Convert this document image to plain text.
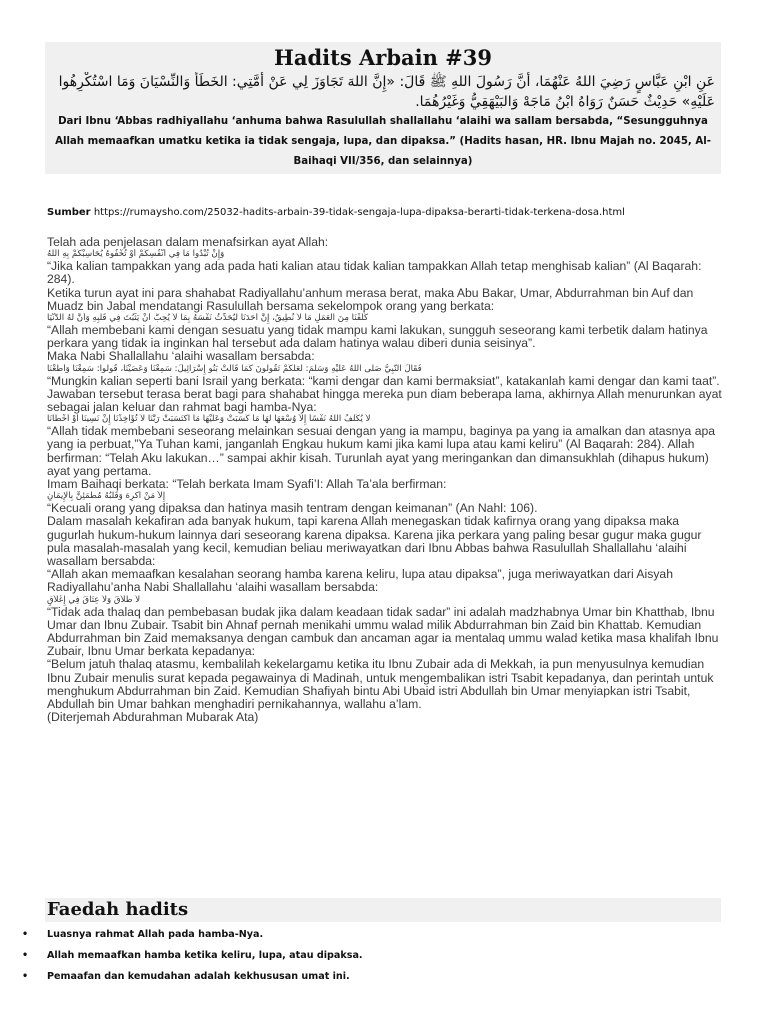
Hadits Arbain #39
عَنِ ابْنِ عَبَّاسٍ رَضِيَ اللهُ عَنْهُمَا، أَنَّ رَسُولَ اللهِ ﷺ قَالَ: «إِنَّ اللهَ تَجَاوَزَ لِي عَنْ أُمَّتِي: الخَطَأَ وَالنِّسْيَانَ وَمَا اسْتُكْرِهُوا عَلَيْهِ» حَدِيْثٌ حَسَنٌ رَوَاهُ ابْنُ مَاجَهْ وَالبَيْهَقِيُّ وَغَيْرُهُمَا.
Dari Ibnu ‘Abbas radhiyallahu ‘anhuma bahwa Rasulullah shallallahu ‘alaihi wa sallam bersabda, “Sesungguhnya Allah memaafkan umatku ketika ia tidak sengaja, lupa, dan dipaksa.” (Hadits hasan, HR. Ibnu Majah no. 2045, Al-Baihaqi VII/356, dan selainnya)
Sumber https://rumaysho.com/25032-hadits-arbain-39-tidak-sengaja-lupa-dipaksa-berarti-tidak-terkena-dosa.html

Telah ada penjelasan dalam menafsirkan ayat Allah:

وَإِنْ تُبْدُوا مَا فِي أَنْفُسِكُمْ أَوْ تُخْفُوهُ يُحَاسِبْكُمْ بِهِ اللَّهُ

“Jika kalian tampakkan yang ada pada hati kalian atau tidak kalian tampakkan Allah tetap menghisab kalian” (Al Baqarah: 284).

Ketika turun ayat ini para shahabat Radiyallahu’anhum merasa berat, maka Abu Bakar, Umar, Abdurrahman bin Auf dan Muadz bin Jabal mendatangi Rasulullah bersama sekelompok orang yang berkata:

كُلِّفْنَا مِنَ الْعَمَلِ مَا لاَ نُطِيقُ، إِنَّ أَحَدَنَا لَيُحَدِّثُ نَفْسَهُ بِمَا لاَ يُحِبُّ أَنْ يَثْبُتَ فِي قَلْبِهِ وَأَنَّ لَهُ الدُّنْيَا

“Allah membebani kami dengan sesuatu yang tidak mampu kami lakukan, sungguh seseorang kami terbetik dalam hatinya perkara yang tidak ia inginkan hal tersebut ada dalam hatinya walau diberi dunia seisinya”.

Maka Nabi Shallallahu ‘alaihi wasallam bersabda:

فَقَالَ النَّبِيُّ صَلَّى اللَّهُ عَلَيْهِ وَسَلَّمَ: لَعَلَّكُمْ تَقُولُونَ كَمَا قَالَتْ بَنُو إِسْرَائِيلَ: سَمِعْنَا وَعَصَيْنَا، قُولُوا: سَمِعْنَا وَأَطَعْنَا

“Mungkin kalian seperti bani Israil yang berkata: “kami dengar dan kami bermaksiat”, katakanlah kami dengar dan kami taat”.

Jawaban tersebut terasa berat bagi para shahabat hingga mereka pun diam beberapa lama, akhirnya Allah menurunkan ayat sebagai jalan keluar dan rahmat bagi hamba-Nya:

لاَ يُكَلِّفُ اللَّهُ نَفْسًا إِلاَّ وُسْعَهَا لَهَا مَا كَسَبَتْ وَعَلَيْهَا مَا اكْتَسَبَتْ رَبَّنَا لاَ تُؤَاخِذْنَا إِنْ نَسِينَا أَوْ أَخْطَأْنَا

“Allah tidak membebani seseorang melainkan sesuai dengan yang ia mampu, baginya pa yang ia amalkan dan atasnya apa yang ia perbuat,”Ya Tuhan kami, janganlah Engkau hukum kami jika kami lupa atau kami keliru” (Al Baqarah: 284). Allah berfirman: “Telah Aku lakukan…” sampai akhir kisah. Turunlah ayat yang meringankan dan dimansukhlah (dihapus hukum) ayat yang pertama.

Imam Baihaqi berkata: “Telah berkata Imam Syafi’I: Allah Ta’ala berfirman:

إِلاَّ مَنْ أُكْرِهَ وَقَلْبُهُ مُطْمَئِنٌّ بِالإِيمَانِ

“Kecuali orang yang dipaksa dan hatinya masih tentram dengan keimanan” (An Nahl: 106).

Dalam masalah kekafiran ada banyak hukum, tapi karena Allah menegaskan tidak kafirnya orang yang dipaksa maka gugurlah hukum-hukum lainnya dari seseorang karena dipaksa. Karena jika perkara yang paling besar gugur maka gugur pula masalah-masalah yang kecil, kemudian beliau meriwayatkan dari Ibnu Abbas bahwa Rasulullah Shallallahu ‘alaihi wasallam bersabda:

“Allah akan memaafkan kesalahan seorang hamba karena keliru, lupa atau dipaksa”, juga meriwayatkan dari Aisyah Radiyallahu’anha Nabi Shallallahu ‘alaihi wasallam bersabda:

لاَ طَلاَقَ وَلاَ عِتَاقَ فِي إِغْلاَقٍ

“Tidak ada thalaq dan pembebasan budak jika dalam keadaan tidak sadar” ini adalah madzhabnya Umar bin Khatthab, Ibnu Umar dan Ibnu Zubair. Tsabit bin Ahnaf pernah menikahi ummu walad milik Abdurrahman bin Zaid bin Khattab. Kemudian Abdurrahman bin Zaid memaksanya dengan cambuk dan ancaman agar ia mentalaq ummu walad ketika masa khalifah Ibnu Zubair, Ibnu Umar berkata kepadanya:

“Belum jatuh thalaq atasmu, kembalilah kekelargamu ketika itu Ibnu Zubair ada di Mekkah, ia pun menyusulnya kemudian Ibnu Zubair menulis surat kepada pegawainya di Madinah, untuk mengembalikan istri Tsabit kepadanya, dan perintah untuk menghukum Abdurrahman bin Zaid. Kemudian Shafiyah bintu Abi Ubaid istri Abdullah bin Umar menyiapkan istri Tsabit, Abdullah bin Umar bahkan menghadiri pernikahannya, wallahu a’lam.

(Diterjemah Abdurahman Mubarak Ata)

Faedah hadits
• Luasnya rahmat Allah pada hamba-Nya.
• Allah memaafkan hamba ketika keliru, lupa, atau dipaksa.
• Pemaafan dan kemudahan adalah kekhususan umat ini.
